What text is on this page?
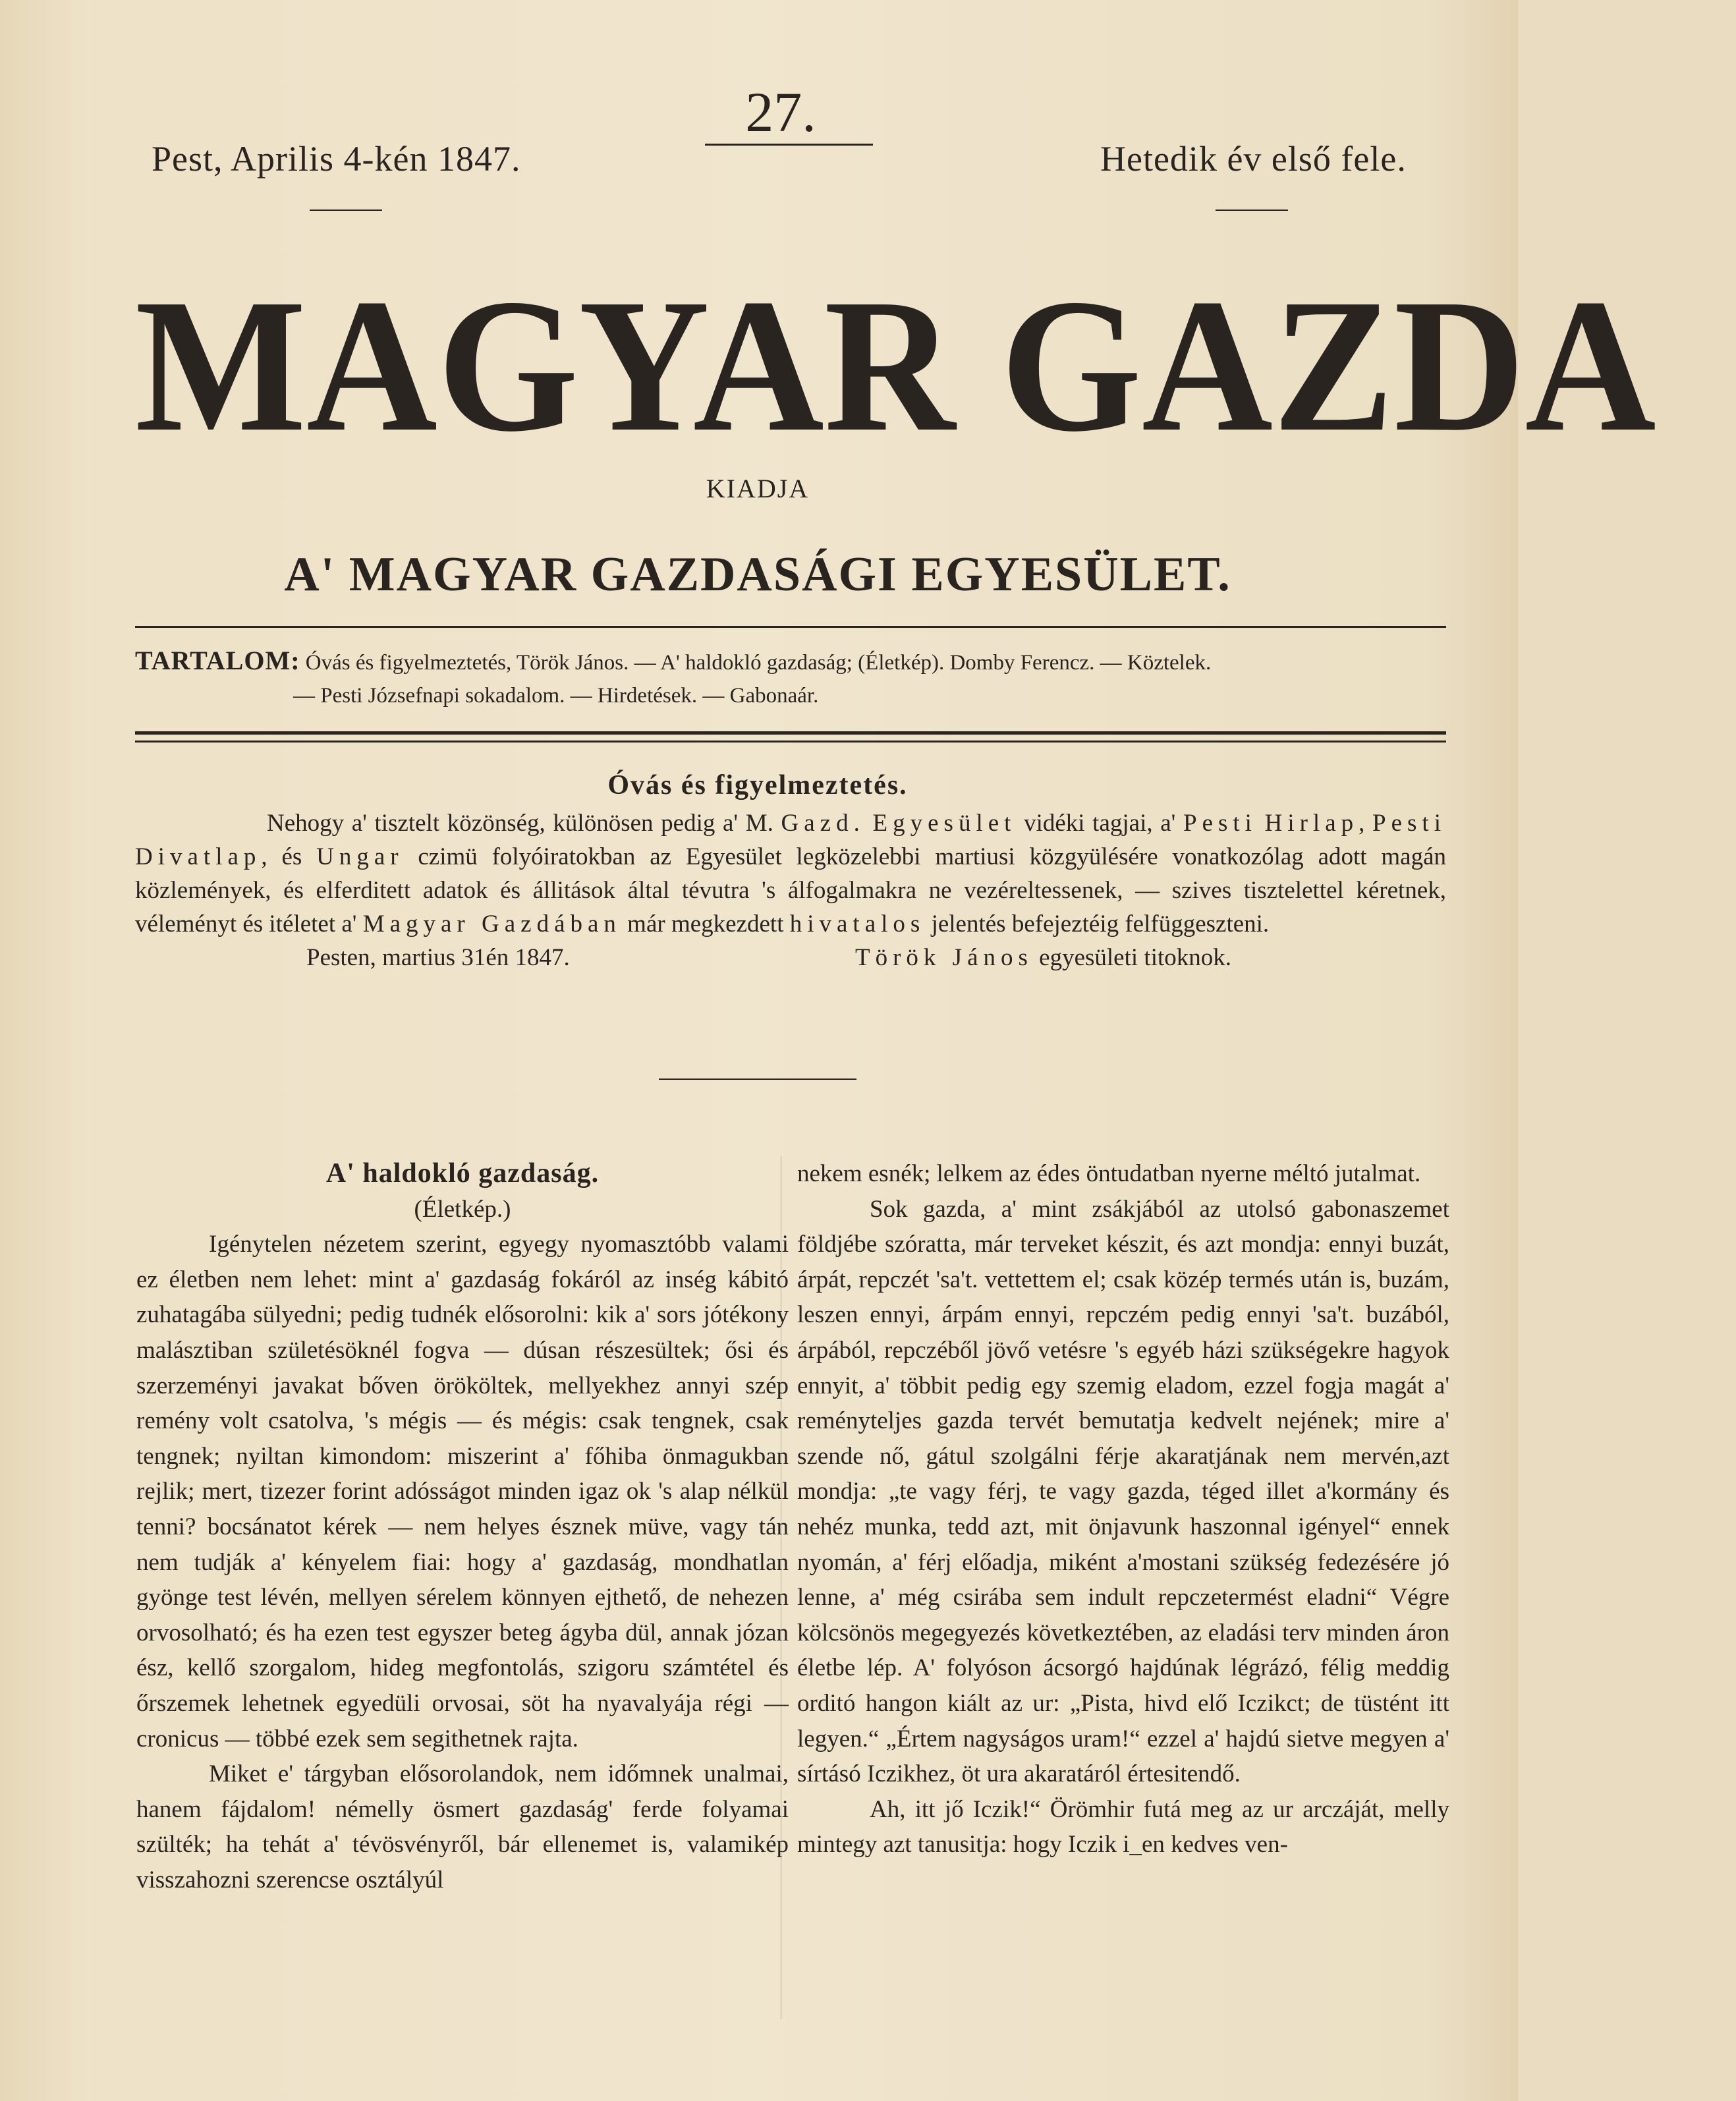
27.
Pest, Aprilis 4-kén 1847.	Hetedik év első fele.
MAGYAR GAZDA
KIADJA
A' MAGYAR GAZDASÁGI EGYESÜLET.
TARTALOM: Óvás és figyelmeztetés, Török János. — A' haldokló gazdaság; (Életkép). Domby Ferencz. — Köztelek.
— Pesti Józsefnapi sokadalom. — Hirdetések. — Gabonaár.
Óvás és figyelmeztetés.

Nehogy a' tisztelt közönség, különösen pedig a' M. Gazd. Egyesület vidéki tagjai, a' Pesti Hirlap, Pesti Divatlap, és Ungar czimü folyóiratokban az Egyesület legközelebbi martiusi közgyülésére vonatkozólag adott magán közlemények, és elferditett adatok és állitások által tévutra 's álfogalmakra ne vezéreltessenek, — szives tisztelettel kéretnek, véleményt és itéletet a' Magyar Gazdában már megkezdett hivatalos jelentés befejeztéig felfüggeszteni.

Pesten, martius 31én 1847.	Török János egyesületi titoknok.

A' haldokló gazdaság.

(Életkép.)

Igénytelen nézetem szerint, egyegy nyomasztóbb valami ez életben nem lehet: mint a' gazdaság fokáról az inség kábitó zuhatagába sülyedni; pedig tudnék elősorolni: kik a' sors jótékony malásztiban születésöknél fogva — dúsan részesültek; ősi és szerzeményi javakat bőven örököltek, mellyekhez annyi szép remény volt csatolva, 's mégis — és mégis: csak tengnek, csak tengnek; nyiltan kimondom: miszerint a' főhiba önmagukban rejlik; mert, tizezer forint adósságot minden igaz ok 's alap nélkül tenni? bocsánatot kérek — nem helyes észnek müve, vagy tán nem tudják a' kényelem fiai: hogy a' gazdaság, mondhatlan gyönge test lévén, mellyen sérelem könnyen ejthető, de nehezen orvosolható; és ha ezen test egyszer beteg ágyba dül, annak józan ész, kellő szorgalom, hideg megfontolás, szigoru számtétel és őrszemek lehetnek egyedüli orvosai, söt ha nyavalyája régi — cronicus — többé ezek sem segithetnek rajta.

Miket e' tárgyban elősorolandok, nem időmnek unalmai, hanem fájdalom! némelly ösmert gazdaság' ferde folyamai szülték; ha tehát a' tévösvényről, bár ellenemet is, valamikép visszahozni szerencse osztályúl

nekem esnék; lelkem az édes öntudatban nyerne méltó jutalmat.

Sok gazda, a' mint zsákjából az utolsó gabonaszemet földjébe szóratta, már terveket készit, és azt mondja: ennyi buzát, árpát, repczét 'sa't. vettettem el; csak közép termés után is, buzám, leszen ennyi, árpám ennyi, repczém pedig ennyi 'sa't. buzából, árpából, repczéből jövő vetésre 's egyéb házi szükségekre hagyok ennyit, a' többit pedig egy szemig eladom, ezzel fogja magát a' reményteljes gazda tervét bemutatja kedvelt nejének; mire a' szende nő, gátul szolgálni férje akaratjának nem mervén,azt mondja: „te vagy férj, te vagy gazda, téged illet a'kormány és nehéz munka, tedd azt, mit önjavunk haszonnal igényel“ ennek nyomán, a' férj előadja, miként a'mostani szükség fedezésére jó lenne, a' még csirába sem indult repczetermést eladni“ Végre kölcsönös megegyezés következtében, az eladási terv minden áron életbe lép. A' folyóson ácsorgó hajdúnak légrázó, félig meddig orditó hangon kiált az ur: „Pista, hivd elő Iczikct; de tüstént itt legyen.“ „Értem nagyságos uram!“ ezzel a' hajdú sietve megyen a' sírtásó Iczikhez, öt ura akaratáról értesitendő.

Ah, itt jő Iczik!“ Örömhir futá meg az ur arczáját, melly mintegy azt tanusitja: hogy Iczik i_en kedves ven-
